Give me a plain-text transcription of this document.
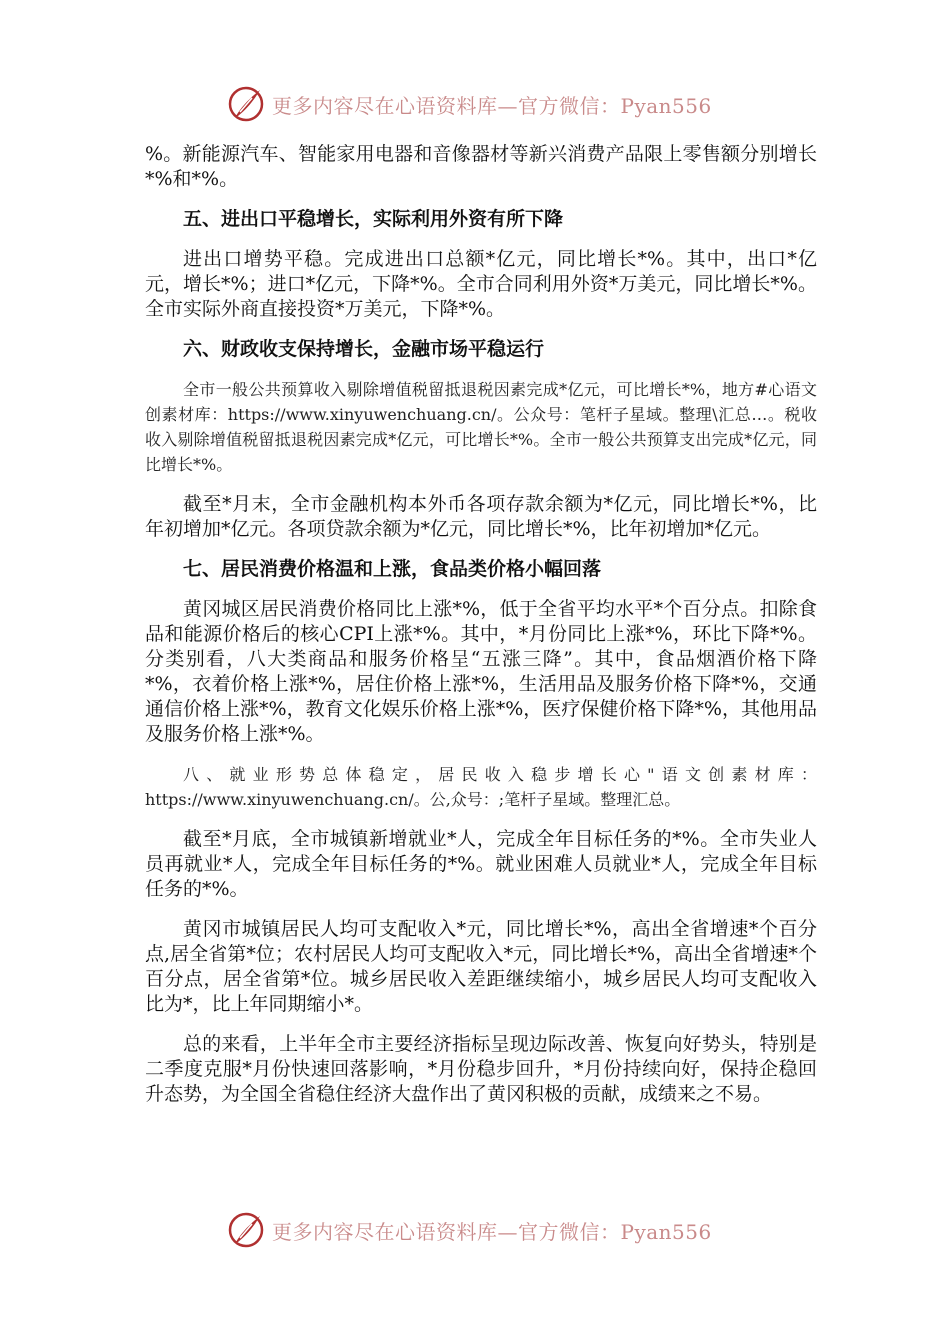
更多内容尽在心语资料库—官方微信：Pyan556

%。新能源汽车、智能家用电器和音像器材等新兴消费产品限上零售额分别增长*%和*%。

五、进出口平稳增长，实际利用外资有所下降

进出口增势平稳。完成进出口总额*亿元，同比增长*%。其中，出口*亿元，增长*%；进口*亿元，下降*%。全市合同利用外资*万美元，同比增长*%。全市实际外商直接投资*万美元，下降*%。

六、财政收支保持增长，金融市场平稳运行

全市一般公共预算收入剔除增值税留抵退税因素完成*亿元，可比增长*%，地方#心语文创素材库：https://www.xinyuwenchuang.cn/。公众号：笔杆子星域。整理\汇总…。税收收入剔除增值税留抵退税因素完成*亿元，可比增长*%。全市一般公共预算支出完成*亿元，同比增长*%。

截至*月末，全市金融机构本外币各项存款余额为*亿元，同比增长*%，比年初增加*亿元。各项贷款余额为*亿元，同比增长*%，比年初增加*亿元。

七、居民消费价格温和上涨，食品类价格小幅回落

黄冈城区居民消费价格同比上涨*%，低于全省平均水平*个百分点。扣除食品和能源价格后的核心CPI上涨*%。其中，*月份同比上涨*%，环比下降*%。分类别看，八大类商品和服务价格呈“五涨三降”。其中，食品烟酒价格下降*%，衣着价格上涨*%，居住价格上涨*%，生活用品及服务价格下降*%，交通通信价格上涨*%，教育文化娱乐价格上涨*%，医疗保健价格下降*%，其他用品及服务价格上涨*%。

八、就业形势总体稳定，居民收入稳步增长心"语文创素材库：https://www.xinyuwenchuang.cn/。公,众号：;笔杆子星域。整理汇总。

截至*月底，全市城镇新增就业*人，完成全年目标任务的*%。全市失业人员再就业*人，完成全年目标任务的*%。就业困难人员就业*人，完成全年目标任务的*%。

黄冈市城镇居民人均可支配收入*元，同比增长*%，高出全省增速*个百分点,居全省第*位；农村居民人均可支配收入*元，同比增长*%，高出全省增速*个百分点，居全省第*位。城乡居民收入差距继续缩小，城乡居民人均可支配收入比为*，比上年同期缩小*。

总的来看，上半年全市主要经济指标呈现边际改善、恢复向好势头，特别是二季度克服*月份快速回落影响，*月份稳步回升，*月份持续向好，保持企稳回升态势，为全国全省稳住经济大盘作出了黄冈积极的贡献，成绩来之不易。

更多内容尽在心语资料库—官方微信：Pyan556
